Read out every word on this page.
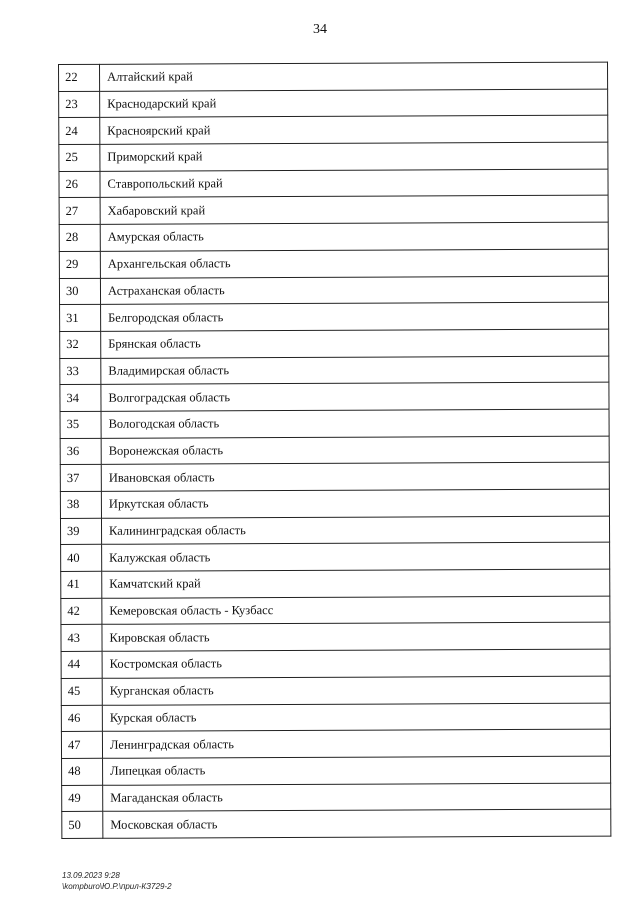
34
22	Алтайский край
23	Краснодарский край
24	Красноярский край
25	Приморский край
26	Ставропольский край
27	Хабаровский край
28	Амурская область
29	Архангельская область
30	Астраханская область
31	Белгородская область
32	Брянская область
33	Владимирская область
34	Волгоградская область
35	Вологодская область
36	Воронежская область
37	Ивановская область
38	Иркутская область
39	Калининградская область
40	Калужская область
41	Камчатский край
42	Кемеровская область - Кузбасс
43	Кировская область
44	Костромская область
45	Курганская область
46	Курская область
47	Ленинградская область
48	Липецкая область
49	Магаданская область
50	Московская область
13.09.2023 9:28
\kompburo\Ю.Р.\прил-КЗ729-2
